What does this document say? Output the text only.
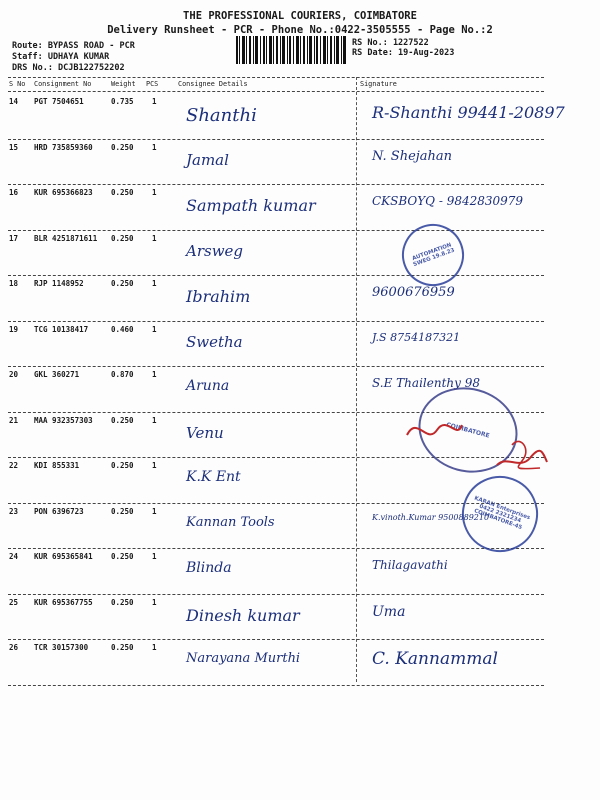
THE PROFESSIONAL COURIERS, COIMBATORE
Delivery Runsheet - PCR - Phone No.:0422-3505555 - Page No.:2
Route: BYPASS ROAD - PCR
Staff: UDHAYA KUMAR
DRS No.: DCJB122752202
RS No.: 1227522
RS Date: 19-Aug-2023
S No Consignment No	Weight PCS	Consignee Details	Signature
14 PGT 7504651	0.735 1
Shanthi	R-Shanthi 99441-20897
15 HRD 735859360 0.250 1
Jamal	N. Shejahan
16 KUR 695366823 0.250 1
Sampath kumar	CKSBOYQ - 9842830979
17 BLR 4251871611 0.250 1
Arsweg
18 RJP 1148952	0.250 1
Ibrahim	9600676959
19 TCG 10138417	0.460 1
Swetha	J.S 8754187321
20 GKL 360271	0.870 1
Aruna	S.E Thailenthy 98
21 MAA 932357303 0.250 1
Venu
22 KDI 855331	0.250 1
K.K Ent
23 PON 6396723	0.250 1
Kannan Tools	K.vinoth.Kumar 9500889210
24 KUR 695365841 0.250 1
Blinda	Thilagavathi
25 KUR 695367755 0.250 1
Dinesh kumar	Uma
26 TCR 30157300	0.250 1
Narayana Murthi	C. Kannammal
AUTOMATION SWEG 19.8.23
COIMBATORE
KARAN Enterprises 0422 2321234 COIMBATORE-45
